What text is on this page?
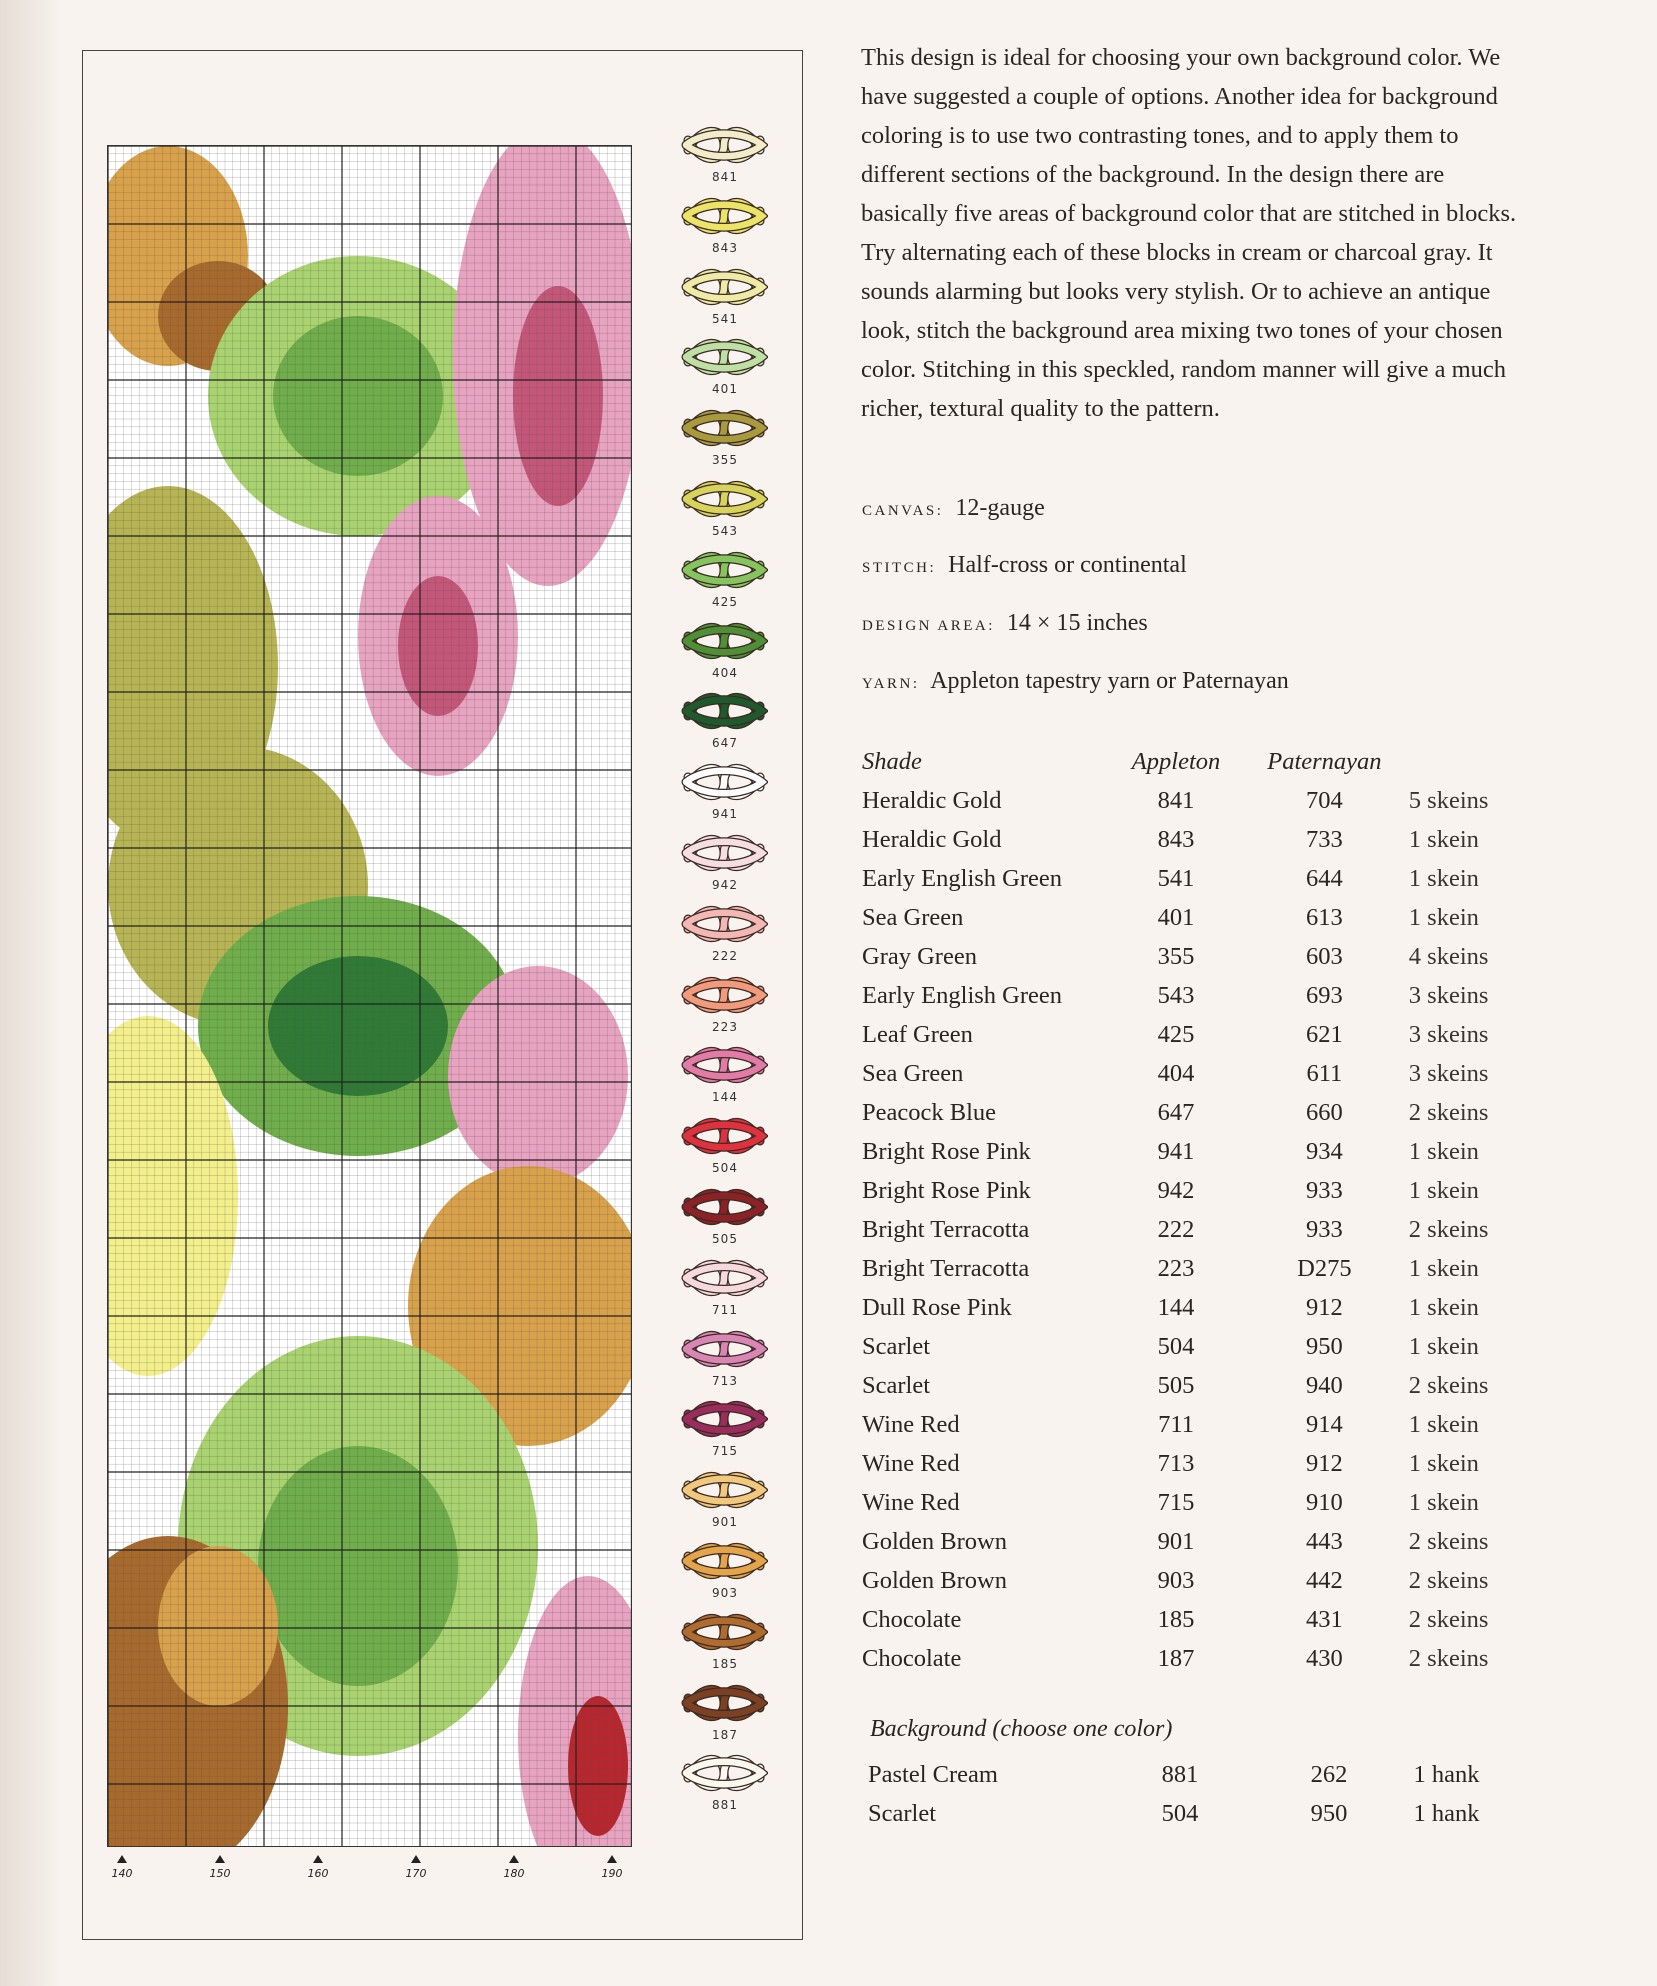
140	150	160	170	180	190
841
843
541
401
355
543
425
404
647
941
942
222
223
144
504
505
711
713
715
901
903
185
187
881

This design is ideal for choosing your own background color. We have suggested a couple of options. Another idea for background coloring is to use two contrasting tones, and to apply them to different sections of the background. In the design there are basically five areas of background color that are stitched in blocks. Try alternating each of these blocks in cream or charcoal gray. It sounds alarming but looks very stylish. Or to achieve an antique look, stitch the background area mixing two tones of your chosen color. Stitching in this speckled, random manner will give a much richer, textural quality to the pattern.

CANVAS: 12-gauge
STITCH: Half-cross or continental
DESIGN AREA: 14 × 15 inches
YARN: Appleton tapestry yarn or Paternayan
Shade	Appleton	Paternayan	
Heraldic Gold	841	704	5 skeins
Heraldic Gold	843	733	1 skein
Early English Green	541	644	1 skein
Sea Green	401	613	1 skein
Gray Green	355	603	4 skeins
Early English Green	543	693	3 skeins
Leaf Green	425	621	3 skeins
Sea Green	404	611	3 skeins
Peacock Blue	647	660	2 skeins
Bright Rose Pink	941	934	1 skein
Bright Rose Pink	942	933	1 skein
Bright Terracotta	222	933	2 skeins
Bright Terracotta	223	D275	1 skein
Dull Rose Pink	144	912	1 skein
Scarlet	504	950	1 skein
Scarlet	505	940	2 skeins
Wine Red	711	914	1 skein
Wine Red	713	912	1 skein
Wine Red	715	910	1 skein
Golden Brown	901	443	2 skeins
Golden Brown	903	442	2 skeins
Chocolate	185	431	2 skeins
Chocolate	187	430	2 skeins
Background (choose one color)
Pastel Cream	881	262	1 hank
Scarlet	504	950	1 hank
